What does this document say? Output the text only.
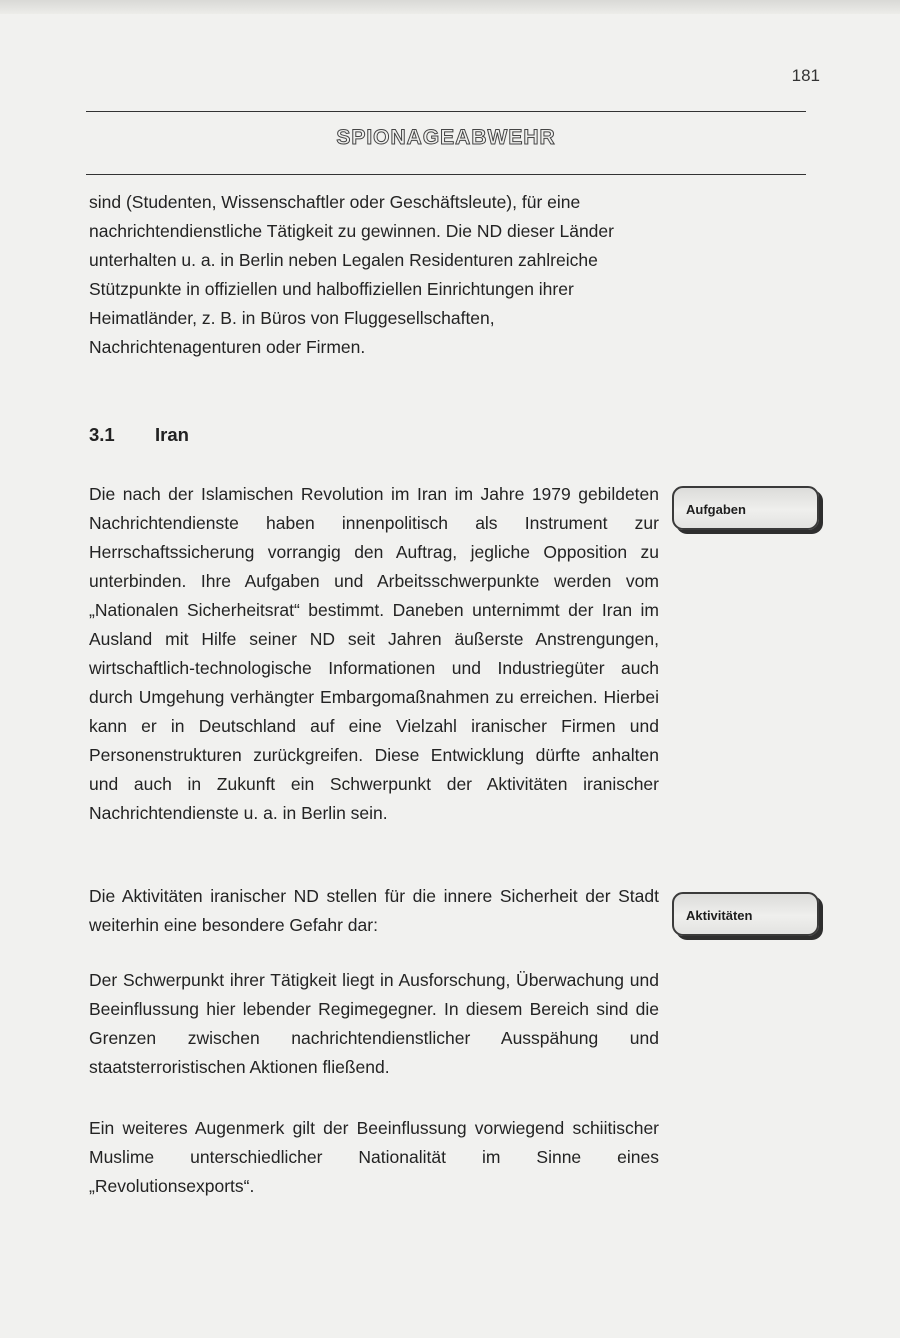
181
SPIONAGEABWEHR

sind (Studenten, Wissenschaftler oder Geschäftsleute), für eine nachrichtendienstliche Tätigkeit zu gewinnen. Die ND dieser Länder unterhalten u. a. in Berlin neben Legalen Residenturen zahlreiche Stützpunkte in offiziellen und halboffiziellen Einrichtungen ihrer Heimatländer, z. B. in Büros von Fluggesellschaften, Nachrichtenagenturen oder Firmen.

3.1 Iran

Die nach der Islamischen Revolution im Iran im Jahre 1979 gebildeten Nachrichtendienste haben innenpolitisch als Instrument zur Herrschaftssicherung vorrangig den Auftrag, jegliche Opposition zu unterbinden. Ihre Aufgaben und Arbeitsschwerpunkte werden vom „Nationalen Sicherheitsrat“ bestimmt. Daneben unternimmt der Iran im Ausland mit Hilfe seiner ND seit Jahren äußerste Anstrengungen, wirtschaftlich-technologische Informationen und Industriegüter auch durch Umgehung verhängter Embargomaßnahmen zu erreichen. Hierbei kann er in Deutschland auf eine Vielzahl iranischer Firmen und Personenstrukturen zurückgreifen. Diese Entwicklung dürfte anhalten und auch in Zukunft ein Schwerpunkt der Aktivitäten iranischer Nachrichtendienste u. a. in Berlin sein.

Aufgaben

Die Aktivitäten iranischer ND stellen für die innere Sicherheit der Stadt weiterhin eine besondere Gefahr dar:	Aktivitäten

Der Schwerpunkt ihrer Tätigkeit liegt in Ausforschung, Überwachung und Beeinflussung hier lebender Regimegegner. In diesem Bereich sind die Grenzen zwischen nachrichtendienstlicher Ausspähung und staatsterroristischen Aktionen fließend.

Ein weiteres Augenmerk gilt der Beeinflussung vorwiegend schiitischer Muslime unterschiedlicher Nationalität im Sinne eines „Revolutionsexports“.
